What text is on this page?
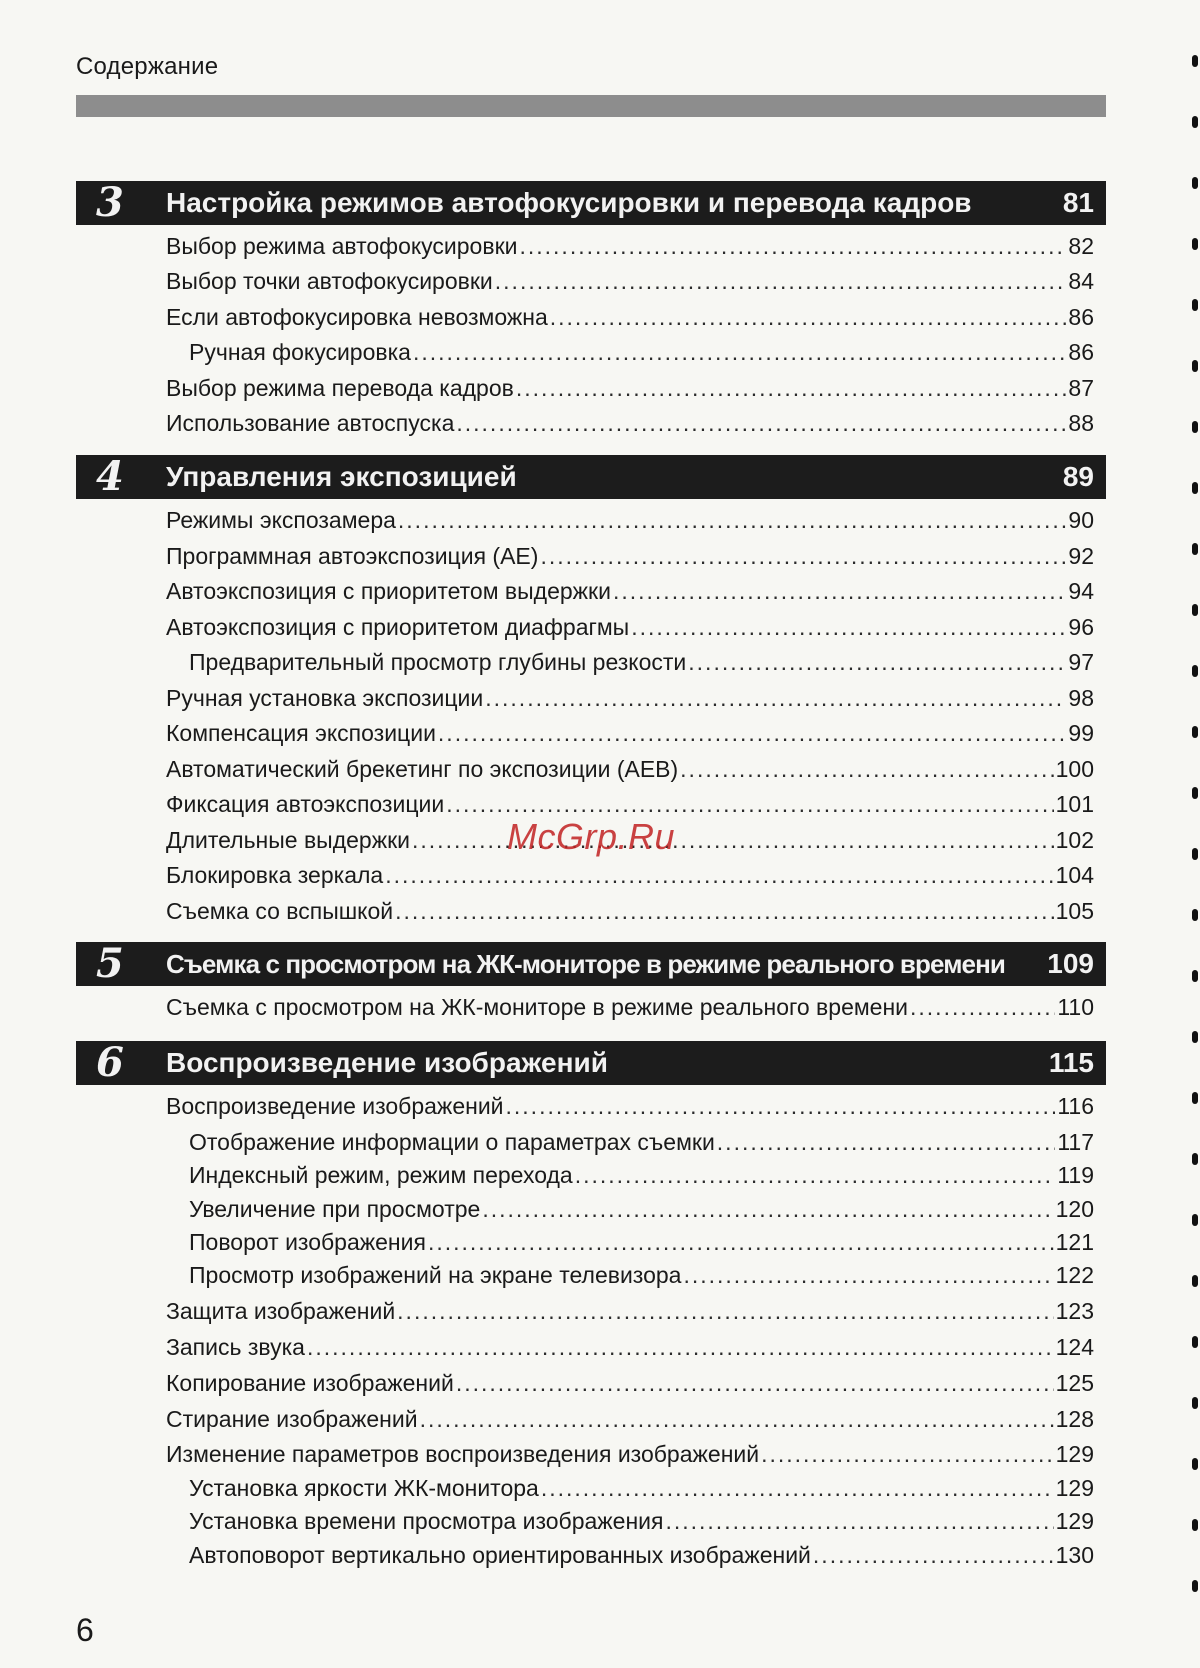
Содержание
3 Настройка режимов автофокусировки и перевода кадров	81
Выбор режима автофокусировки .....	82
Выбор точки автофокусировки .....	84
Если автофокусировка невозможна .....	86
Ручная фокусировка .....	86
Выбор режима перевода кадров .....	87
Использование автоспуска .....	88
4 Управления экспозицией	89
Режимы экспозамера .....	90
Программная автоэкспозиция (AE) .....	92
Автоэкспозиция с приоритетом выдержки .....	94
Автоэкспозиция с приоритетом диафрагмы .....	96
Предварительный просмотр глубины резкости .....	97
Ручная установка экспозиции .....	98
Компенсация экспозиции .....	99
Автоматический брекетинг по экспозиции (AEB) .....	100
Фиксация автоэкспозиции .....	101
Длительные выдержки .....	102
Блокировка зеркала .....	104
Съемка со вспышкой .....	105
5 Съемка с просмотром на ЖК-мониторе в режиме реального времени 109
Съемка с просмотром на ЖК-мониторе в режиме реального времени .....	110
6 Воспроизведение изображений	115
Воспроизведение изображений .....	116
Отображение информации о параметрах съемки .....	117
Индексный режим, режим перехода .....	119
Увеличение при просмотре .....	120
Поворот изображения .....	121
Просмотр изображений на экране телевизора .....	122
Защита изображений .....	123
Запись звука .....	124
Копирование изображений .....	125
Стирание изображений .....	128
Изменение параметров воспроизведения изображений .....	129
Установка яркости ЖК-монитора .....	129
Установка времени просмотра изображения .....	129
Автоповорот вертикально ориентированных изображений .....	130
McGrp.Ru
6
